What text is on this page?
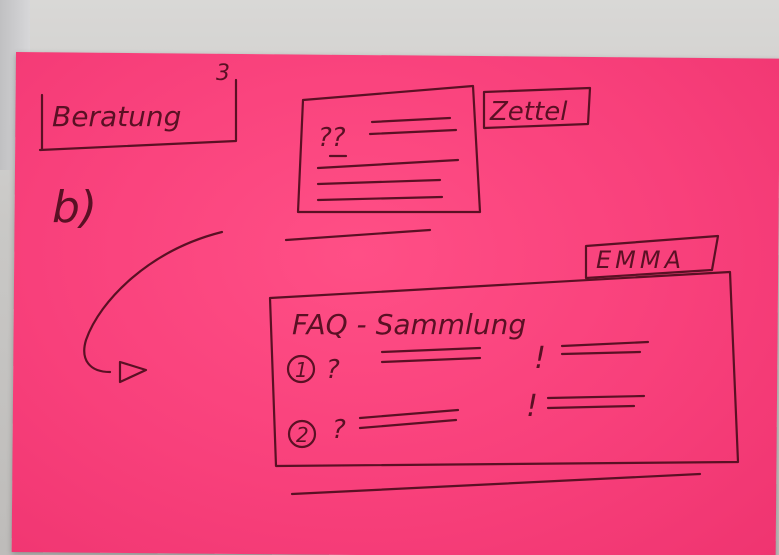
Beratung
3
b)
??
Zettel
EMMA
FAQ - Sammlung
1 ?	!
2 ?
!
